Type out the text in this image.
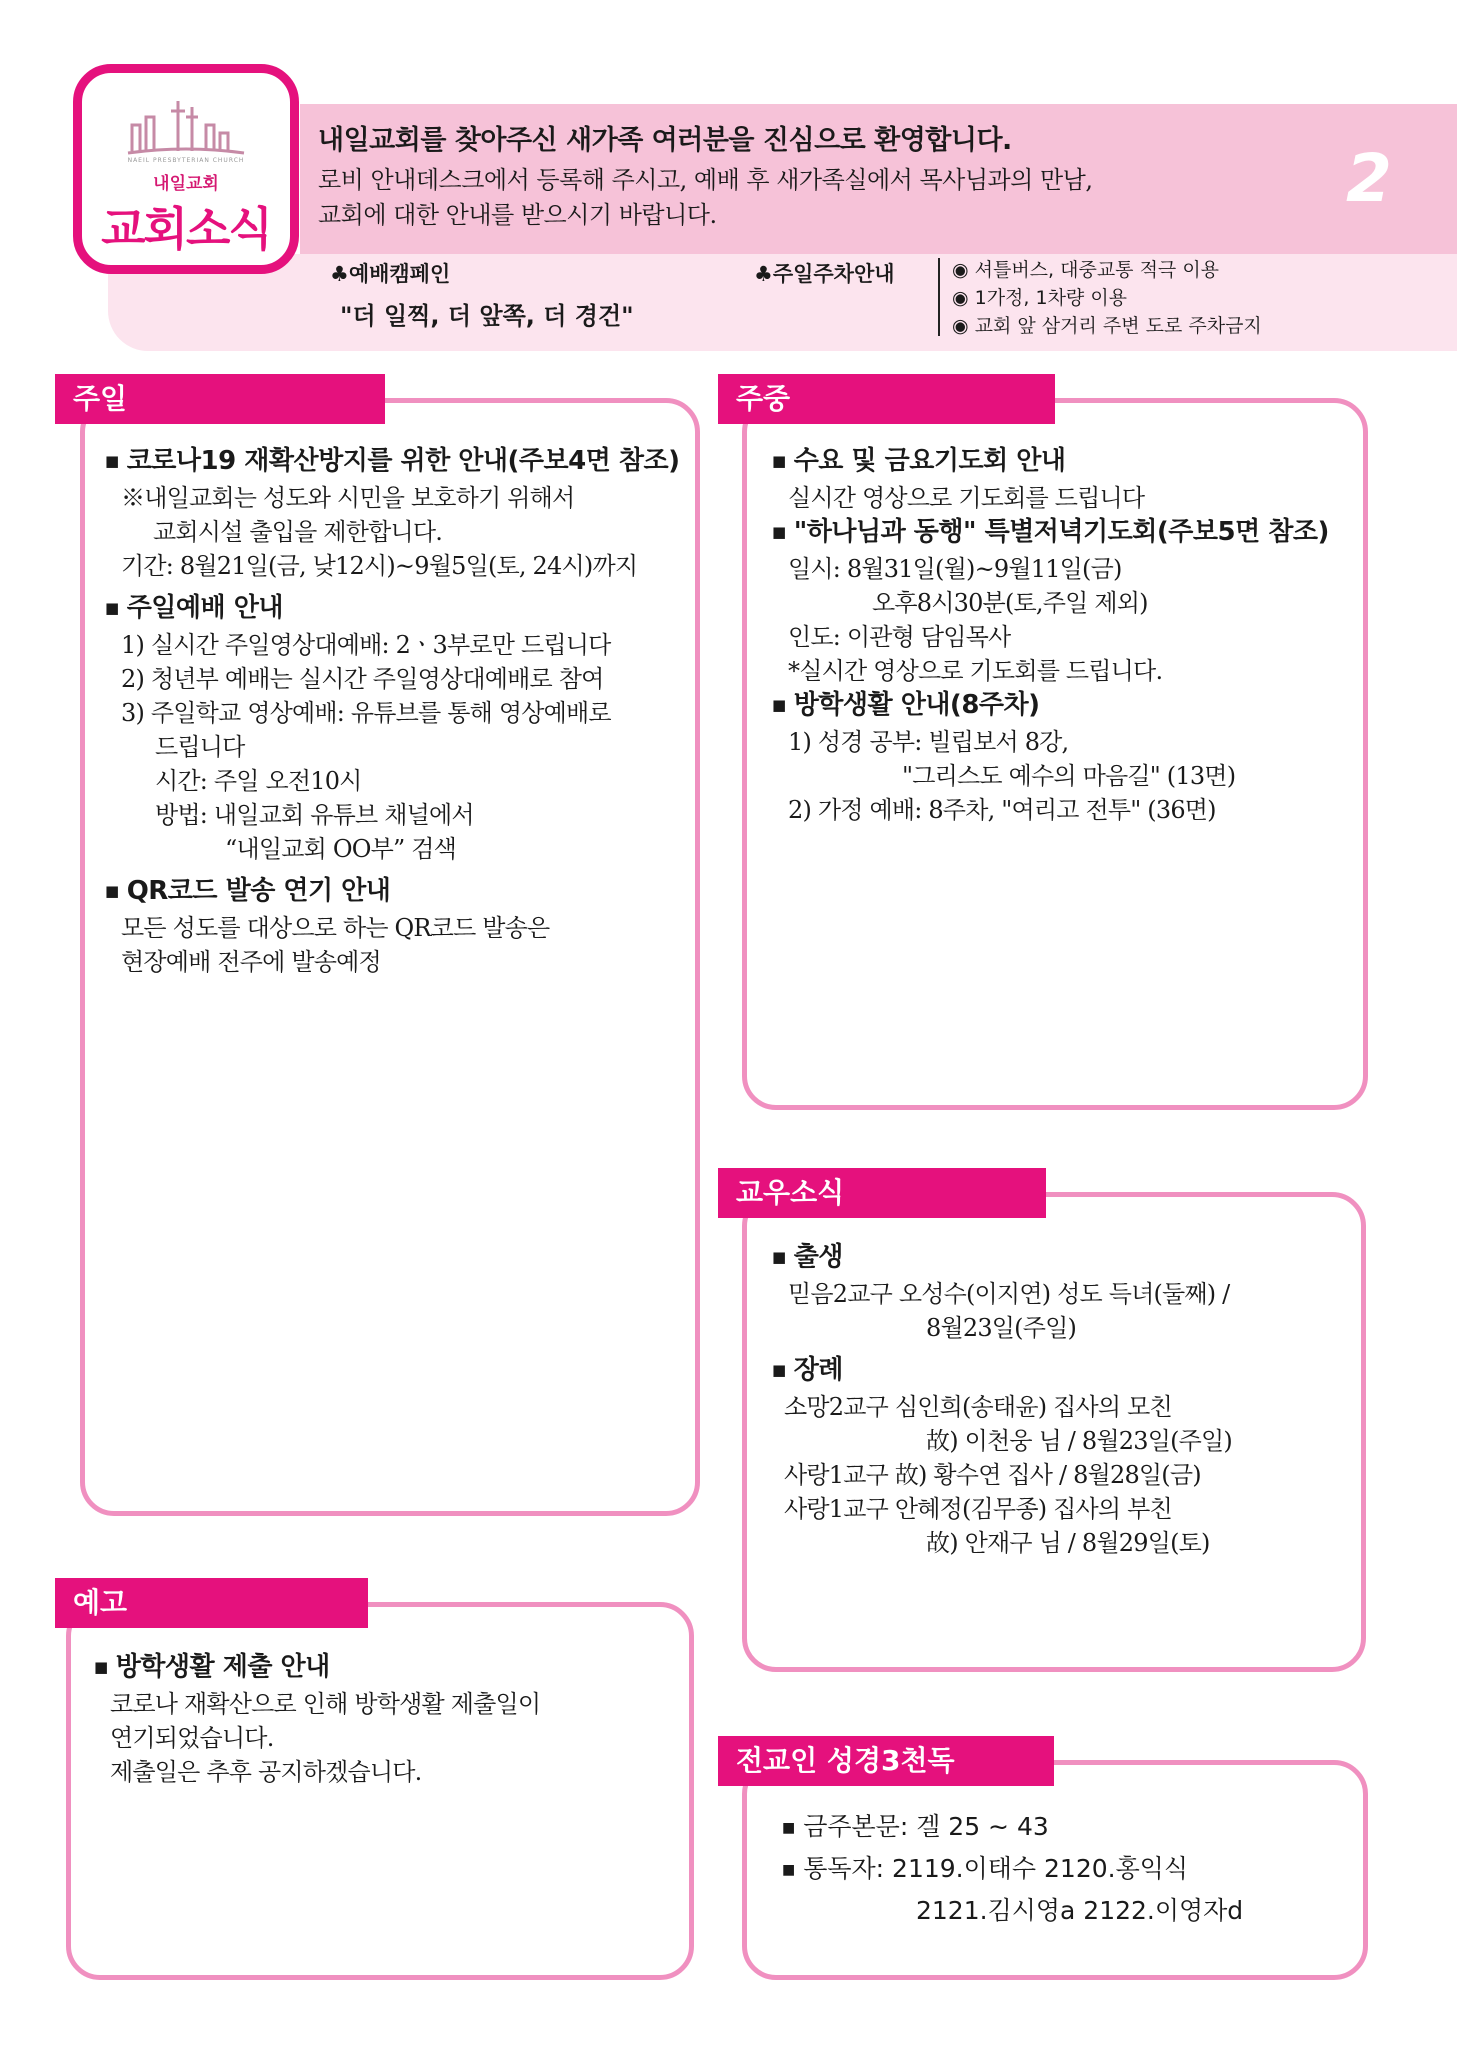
NAEIL PRESBYTERIAN CHURCH
내일교회
교회소식
내일교회를 찾아주신 새가족 여러분을 진심으로 환영합니다.
로비 안내데스크에서 등록해 주시고, 예배 후 새가족실에서 목사님과의 만남,
교회에 대한 안내를 받으시기 바랍니다.	2
♣예배캠페인
"더 일찍, 더 앞쪽, 더 경건"
♣주일주차안내	◉ 셔틀버스, 대중교통 적극 이용
◉ 1가정, 1차량 이용
◉ 교회 앞 삼거리 주변 도로 주차금지
주일
■ 코로나19 재확산방지를 위한 안내(주보4면 참조)
※내일교회는 성도와 시민을 보호하기 위해서
교회시설 출입을 제한합니다.
기간: 8월21일(금, 낮12시)~9월5일(토, 24시)까지
■ 주일예배 안내
1) 실시간 주일영상대예배: 2ㆍ3부로만 드립니다
2) 청년부 예배는 실시간 주일영상대예배로 참여
3) 주일학교 영상예배: 유튜브를 통해 영상예배로
드립니다
시간: 주일 오전10시
방법: 내일교회 유튜브 채널에서
“내일교회 OO부” 검색
■ QR코드 발송 연기 안내
모든 성도를 대상으로 하는 QR코드 발송은
현장예배 전주에 발송예정
주중
■ 수요 및 금요기도회 안내
실시간 영상으로 기도회를 드립니다
■ "하나님과 동행" 특별저녁기도회(주보5면 참조)
일시: 8월31일(월)~9월11일(금)
오후8시30분(토,주일 제외)
인도: 이관형 담임목사
*실시간 영상으로 기도회를 드립니다.
■ 방학생활 안내(8주차)
1) 성경 공부: 빌립보서 8강,
"그리스도 예수의 마음길" (13면)
2) 가정 예배: 8주차, "여리고 전투" (36면)
교우소식
■ 출생
믿음2교구 오성수(이지연) 성도 득녀(둘째) /
8월23일(주일)
■ 장례
소망2교구 심인희(송태윤) 집사의 모친
故) 이천웅 님 / 8월23일(주일)
사랑1교구 故) 황수연 집사 / 8월28일(금)
사랑1교구 안혜정(김무종) 집사의 부친
故) 안재구 님 / 8월29일(토)
예고
■ 방학생활 제출 안내
코로나 재확산으로 인해 방학생활 제출일이
연기되었습니다.
제출일은 추후 공지하겠습니다.	전교인 성경3천독
■ 금주본문: 겔 25 ∼ 43
■ 통독자: 2119.이태수 2120.홍익식
2121.김시영a 2122.이영자d
